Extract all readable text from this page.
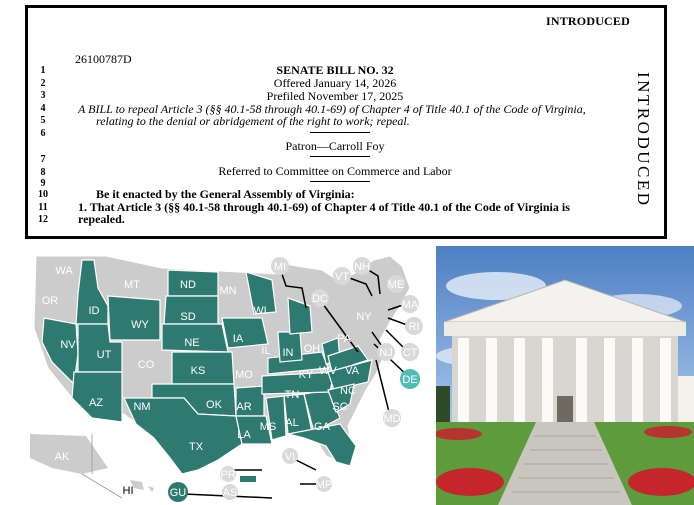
INTRODUCED
INTRODUCED
26100787D
1
2
3
4
5
6
7
8
9
10
11
12
SENATE BILL NO. 32
Offered January 14, 2026
Prefiled November 17, 2025
A BILL to repeal Article 3 (§§ 40.1-58 through 40.1-69) of Chapter 4 of Title 40.1 of the Code of Virginia,
relating to the denial or abridgement of the right to work; repeal.
Patron—Carroll Foy
Referred to Committee on Commerce and Labor
Be it enacted by the General Assembly of Virginia:
1. That Article 3 (§§ 40.1-58 through 40.1-69) of Chapter 4 of Title 40.1 of the Code of Virginia is
repealed.
WA
OR
CA
ID
NV
MT
WY
UT
AZ
CO
NM
ND
SD
NE
KS
OK
TX
MN
IA
MO
AR
LA
WI
IL
MI
IN OH
KY
TN
MS AL GA
FL
SC
NC
VA
WV
PA
NY
VT
NH
ME
MA
RI
CT
NJ
DE
MD
DC
AK
HI	GU
PR
VI
AS
MP
